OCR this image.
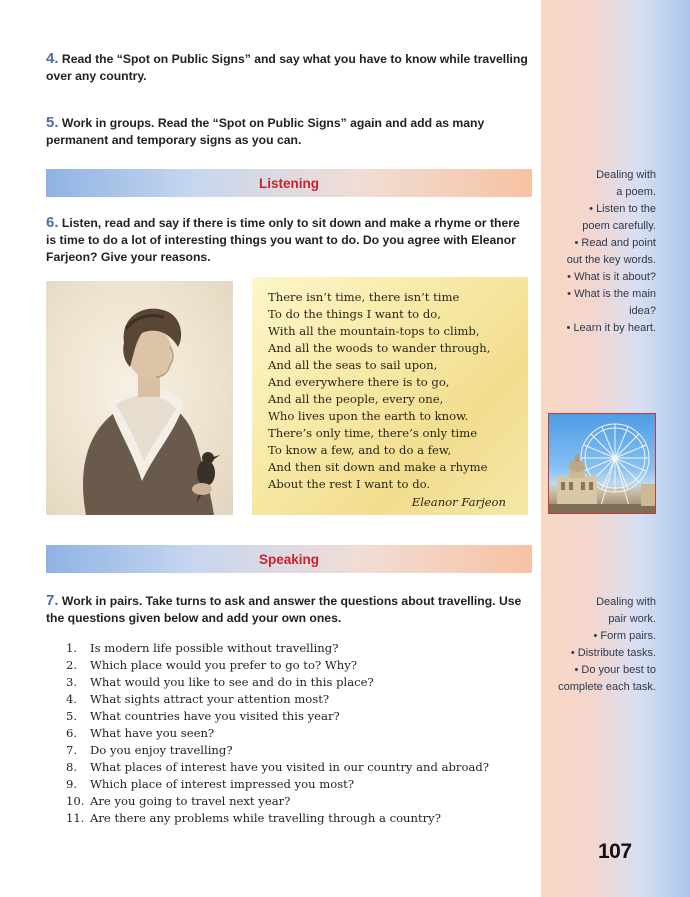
Dealing with
a poem.
• Listen to the
poem carefully.
• Read and point
out the key words.
• What is it about?
• What is the main
idea?
• Learn it by heart.
Dealing with
pair work.
• Form pairs.
• Distribute tasks.
• Do your best to
complete each task.
107
4. Read the “Spot on Public Signs” and say what you have to know while travelling over any country.
5. Work in groups. Read the “Spot on Public Signs” again and add as many permanent and temporary signs as you can.
Listening
6. Listen, read and say if there is time only to sit down and make a rhyme or there is time to do a lot of interesting things you want to do. Do you agree with Eleanor Farjeon? Give your reasons.
There isn’t time, there isn’t time
To do the things I want to do,
With all the mountain-tops to climb,
And all the woods to wander through,
And all the seas to sail upon,
And everywhere there is to go,
And all the people, every one,
Who lives upon the earth to know.
There’s only time, there’s only time
To know a few, and to do a few,
And then sit down and make a rhyme
About the rest I want to do.
Eleanor Farjeon
Speaking
7. Work in pairs. Take turns to ask and answer the questions about travelling. Use the questions given below and add your own ones.
1. Is modern life possible without travelling?
2. Which place would you prefer to go to? Why?
3. What would you like to see and do in this place?
4. What sights attract your attention most?
5. What countries have you visited this year?
6. What have you seen?
7. Do you enjoy travelling?
8. What places of interest have you visited in our country and abroad?
9. Which place of interest impressed you most?
10. Are you going to travel next year?
11. Are there any problems while travelling through a country?
